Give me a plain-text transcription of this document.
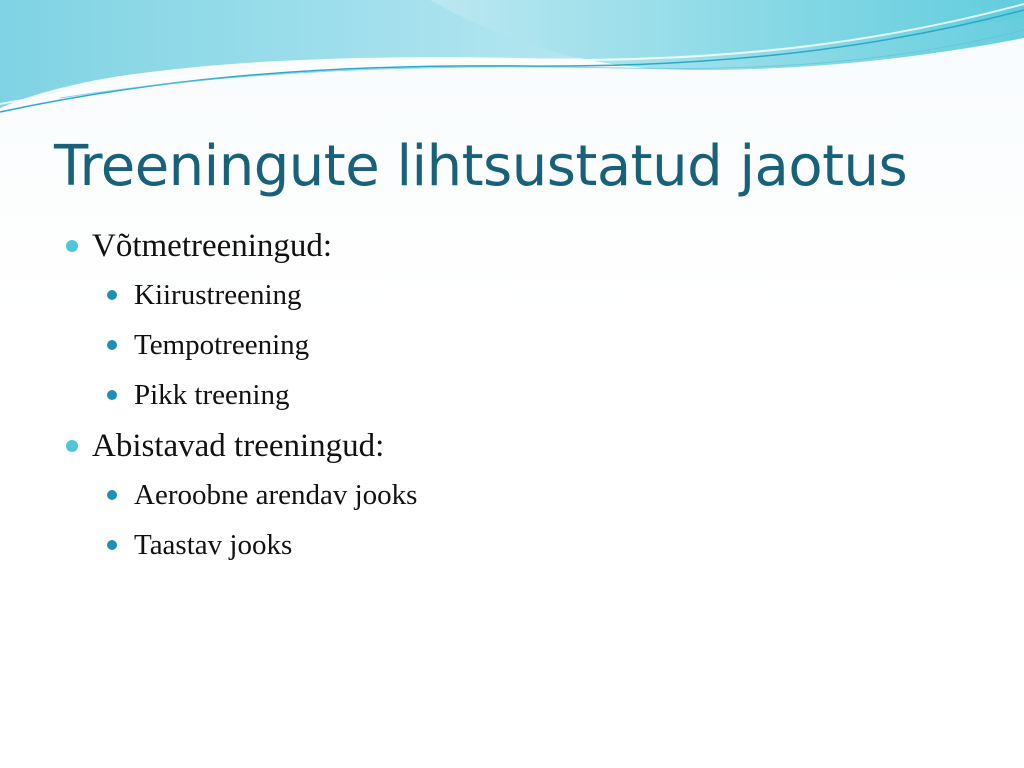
Treeningute lihtsustatud jaotus
Võtmetreeningud:
Kiirustreening
Tempotreening
Pikk treening
Abistavad treeningud:
Aeroobne arendav jooks
Taastav jooks
